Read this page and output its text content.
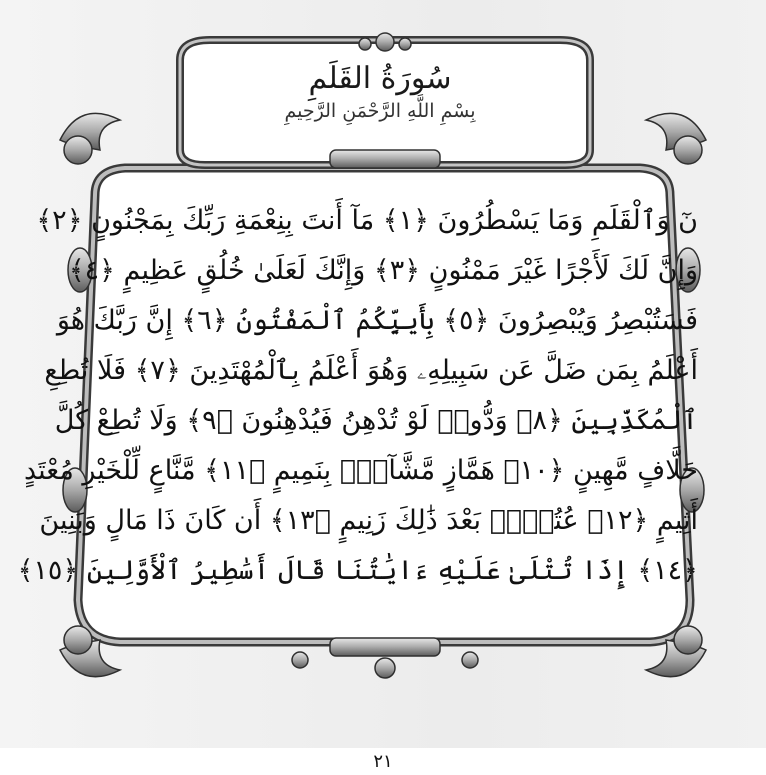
سُورَةُ القَلَمِ
بِسْمِ اللَّهِ الرَّحْمَنِ الرَّحِيمِ
نٓ وَٱلْقَلَمِ وَمَا يَسْطُرُونَ ﴿١﴾ مَآ أَنتَ بِنِعْمَةِ رَبِّكَ بِمَجْنُونٍ ﴿٢﴾
وَإِنَّ لَكَ لَأَجْرًا غَيْرَ مَمْنُونٍ ﴿٣﴾ وَإِنَّكَ لَعَلَىٰ خُلُقٍ عَظِيمٍ ﴿٤﴾
فَسَتُبْصِرُ وَيُبْصِرُونَ ﴿٥﴾ بِأَييِّكُمُ ٱلْمَفْتُونُ ﴿٦﴾ إِنَّ رَبَّكَ هُوَ
أَعْلَمُ بِمَن ضَلَّ عَن سَبِيلِهِۦ وَهُوَ أَعْلَمُ بِٱلْمُهْتَدِينَ ﴿٧﴾ فَلَا تُطِعِ
ٱلْمُكَذِّبِينَ ﴿٨﴾ وَدُّوا۟ لَوْ تُدْهِنُ فَيُدْهِنُونَ ﴿٩﴾ وَلَا تُطِعْ كُلَّ
حَلَّافٍ مَّهِينٍ ﴿١٠﴾ هَمَّازٍ مَّشَّآءٍۭ بِنَمِيمٍ ﴿١١﴾ مَّنَّاعٍ لِّلْخَيْرِ مُعْتَدٍ
أَثِيمٍ ﴿١٢﴾ عُتُلٍّۭ بَعْدَ ذَٰلِكَ زَنِيمٍ ﴿١٣﴾ أَن كَانَ ذَا مَالٍ وَبَنِينَ
﴿١٤﴾ إِذَا تُتْلَىٰ عَلَيْهِ ءَايَٰتُنَا قَالَ أَسَٰطِيرُ ٱلْأَوَّلِينَ ﴿١٥﴾
٢١
